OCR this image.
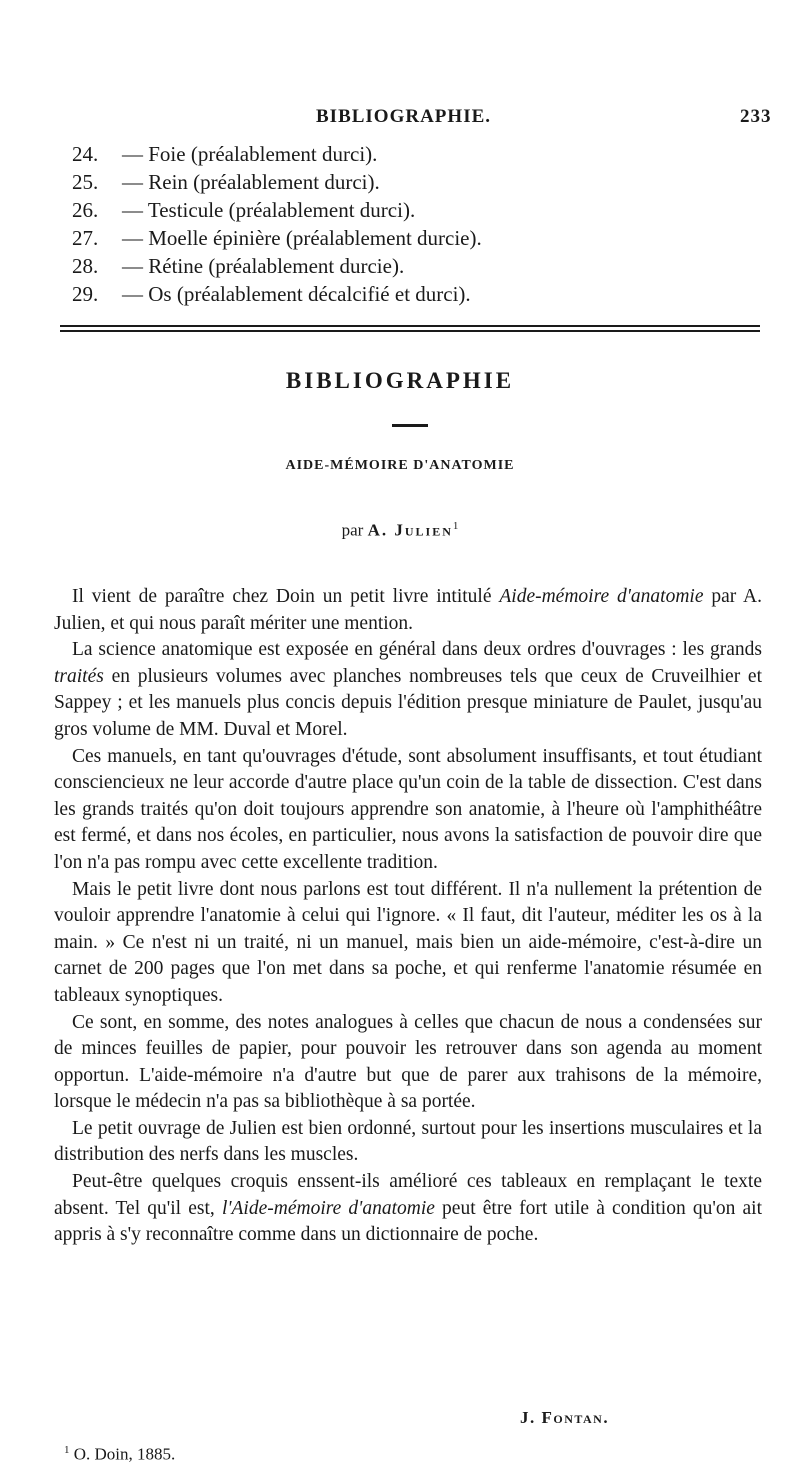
BIBLIOGRAPHIE.	233
24. — Foie (préalablement durci).
25. — Rein (préalablement durci).
26. — Testicule (préalablement durci).
27. — Moelle épinière (préalablement durcie).
28. — Rétine (préalablement durcie).
29. — Os (préalablement décalcifié et durci).
BIBLIOGRAPHIE
AIDE-MÉMOIRE D'ANATOMIE
par A. Julien$^1$

Il vient de paraître chez Doin un petit livre intitulé Aide-mémoire d'anatomie par A. Julien, et qui nous paraît mériter une mention.

La science anatomique est exposée en général dans deux ordres d'ouvrages : les grands traités en plusieurs volumes avec planches nombreuses tels que ceux de Cruveilhier et Sappey ; et les manuels plus concis depuis l'édition presque miniature de Paulet, jusqu'au gros volume de MM. Duval et Morel.

Ces manuels, en tant qu'ouvrages d'étude, sont absolument insuffisants, et tout étudiant consciencieux ne leur accorde d'autre place qu'un coin de la table de dissection. C'est dans les grands traités qu'on doit toujours apprendre son anatomie, à l'heure où l'amphithéâtre est fermé, et dans nos écoles, en particulier, nous avons la satisfaction de pouvoir dire que l'on n'a pas rompu avec cette excellente tradition.

Mais le petit livre dont nous parlons est tout différent. Il n'a nullement la prétention de vouloir apprendre l'anatomie à celui qui l'ignore. « Il faut, dit l'auteur, méditer les os à la main. » Ce n'est ni un traité, ni un manuel, mais bien un aide-mémoire, c'est-à-dire un carnet de 200 pages que l'on met dans sa poche, et qui renferme l'anatomie résumée en tableaux synoptiques.

Ce sont, en somme, des notes analogues à celles que chacun de nous a condensées sur de minces feuilles de papier, pour pouvoir les retrouver dans son agenda au moment opportun. L'aide-mémoire n'a d'autre but que de parer aux trahisons de la mémoire, lorsque le médecin n'a pas sa bibliothèque à sa portée.

Le petit ouvrage de Julien est bien ordonné, surtout pour les insertions musculaires et la distribution des nerfs dans les muscles.

Peut-être quelques croquis enssent-ils amélioré ces tableaux en remplaçant le texte absent. Tel qu'il est, l'Aide-mémoire d'anatomie peut être fort utile à condition qu'on ait appris à s'y reconnaître comme dans un dictionnaire de poche.

J. Fontan.
$^1$ O. Doin, 1885.
